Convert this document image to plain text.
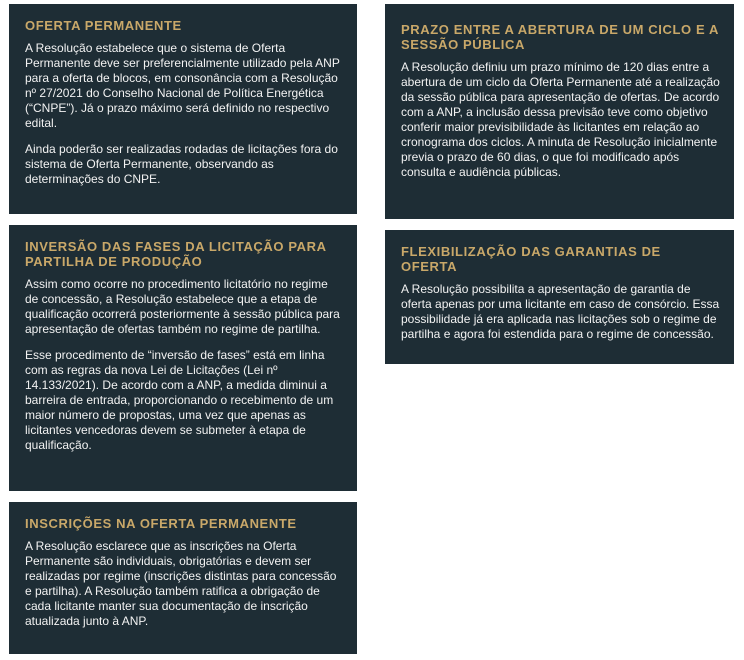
OFERTA PERMANENTE

A Resolução estabelece que o sistema de Oferta Permanente deve ser preferencialmente utilizado pela ANP para a oferta de blocos, em consonância com a Resolução nº 27/2021 do Conselho Nacional de Política Energética (“CNPE”). Já o prazo máximo será definido no respectivo edital.

Ainda poderão ser realizadas rodadas de licitações fora do sistema de Oferta Permanente, observando as determinações do CNPE.

INVERSÃO DAS FASES DA LICITAÇÃO PARA PARTILHA DE PRODUÇÃO

Assim como ocorre no procedimento licitatório no regime de concessão, a Resolução estabelece que a etapa de qualificação ocorrerá posteriormente à sessão pública para apresentação de ofertas também no regime de partilha.

Esse procedimento de “inversão de fases” está em linha com as regras da nova Lei de Licitações (Lei nº 14.133/2021). De acordo com a ANP, a medida diminui a barreira de entrada, proporcionando o recebimento de um maior número de propostas, uma vez que apenas as licitantes vencedoras devem se submeter à etapa de qualificação.

INSCRIÇÕES NA OFERTA PERMANENTE

A Resolução esclarece que as inscrições na Oferta Permanente são individuais, obrigatórias e devem ser realizadas por regime (inscrições distintas para concessão e partilha). A Resolução também ratifica a obrigação de cada licitante manter sua documentação de inscrição atualizada junto à ANP.

PRAZO ENTRE A ABERTURA DE UM CICLO E A SESSÃO PÚBLICA

A Resolução definiu um prazo mínimo de 120 dias entre a abertura de um ciclo da Oferta Permanente até a realização da sessão pública para apresentação de ofertas. De acordo com a ANP, a inclusão dessa previsão teve como objetivo conferir maior previsibilidade às licitantes em relação ao cronograma dos ciclos. A minuta de Resolução inicialmente previa o prazo de 60 dias, o que foi modificado após consulta e audiência públicas.

FLEXIBILIZAÇÃO DAS GARANTIAS DE OFERTA

A Resolução possibilita a apresentação de garantia de oferta apenas por uma licitante em caso de consórcio. Essa possibilidade já era aplicada nas licitações sob o regime de partilha e agora foi estendida para o regime de concessão.
